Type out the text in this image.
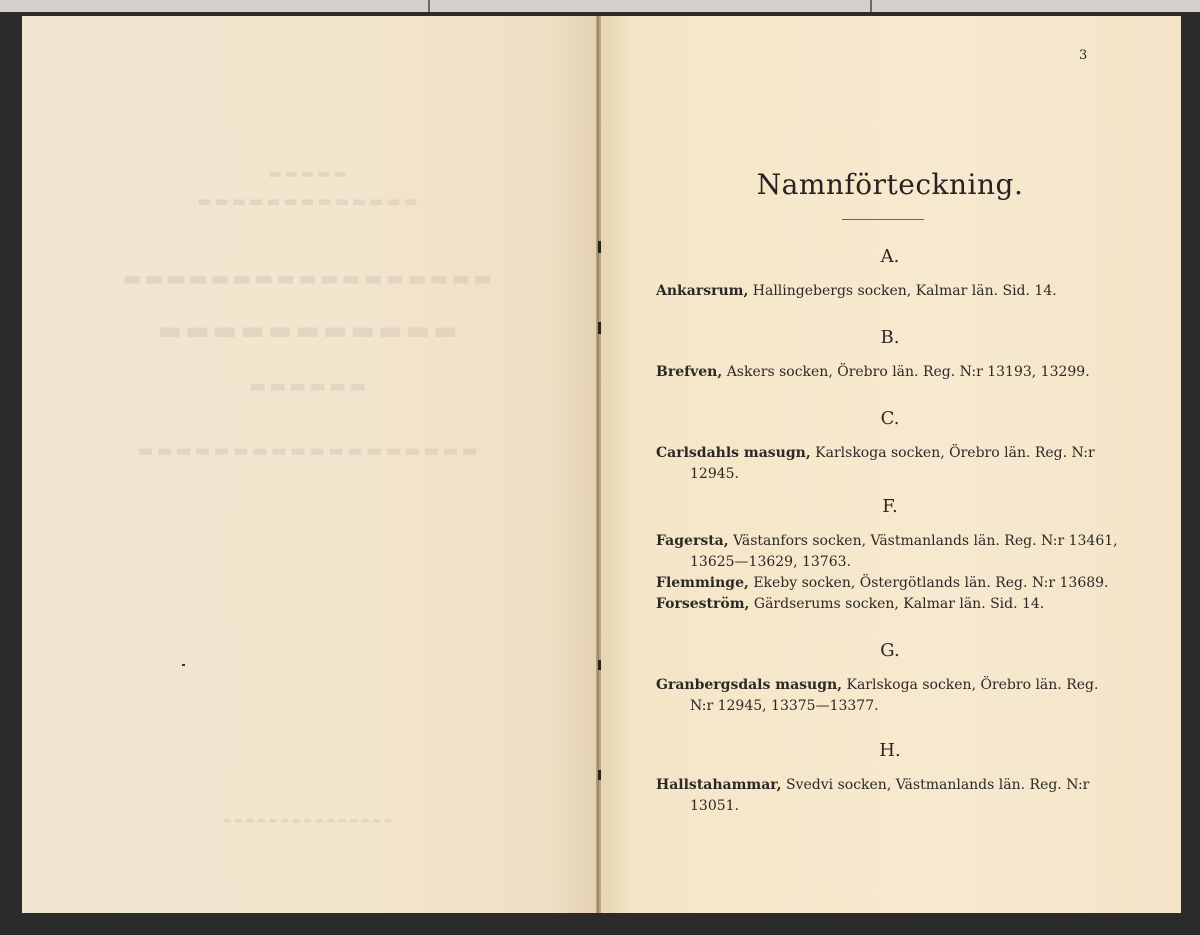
▬▬▬▬▬
▬▬▬▬▬▬▬▬▬▬▬▬▬
▬▬▬▬▬▬▬▬▬▬▬▬▬▬▬▬▬
▬▬▬▬▬▬▬▬▬▬▬
▬▬▬▬▬▬
▬▬▬▬▬▬▬▬▬▬▬▬▬▬▬▬▬▬
▬▬▬▬▬▬▬▬▬▬▬▬▬▬▬
3
Namnförteckning.
A.
Ankarsrum, Hallingebergs socken, Kalmar län. Sid. 14.
B.
Brefven, Askers socken, Örebro län. Reg. N:r 13193, 13299.
C.
Carlsdahls masugn, Karlskoga socken, Örebro län. Reg. N:r
12945.
F.
Fagersta, Västanfors socken, Västmanlands län. Reg. N:r 13461,
13625—13629, 13763.
Flemminge, Ekeby socken, Östergötlands län. Reg. N:r 13689.
Forseström, Gärdserums socken, Kalmar län. Sid. 14.
G.
Granbergsdals masugn, Karlskoga socken, Örebro län. Reg.
N:r 12945, 13375—13377.
H.
Hallstahammar, Svedvi socken, Västmanlands län. Reg. N:r
13051.
